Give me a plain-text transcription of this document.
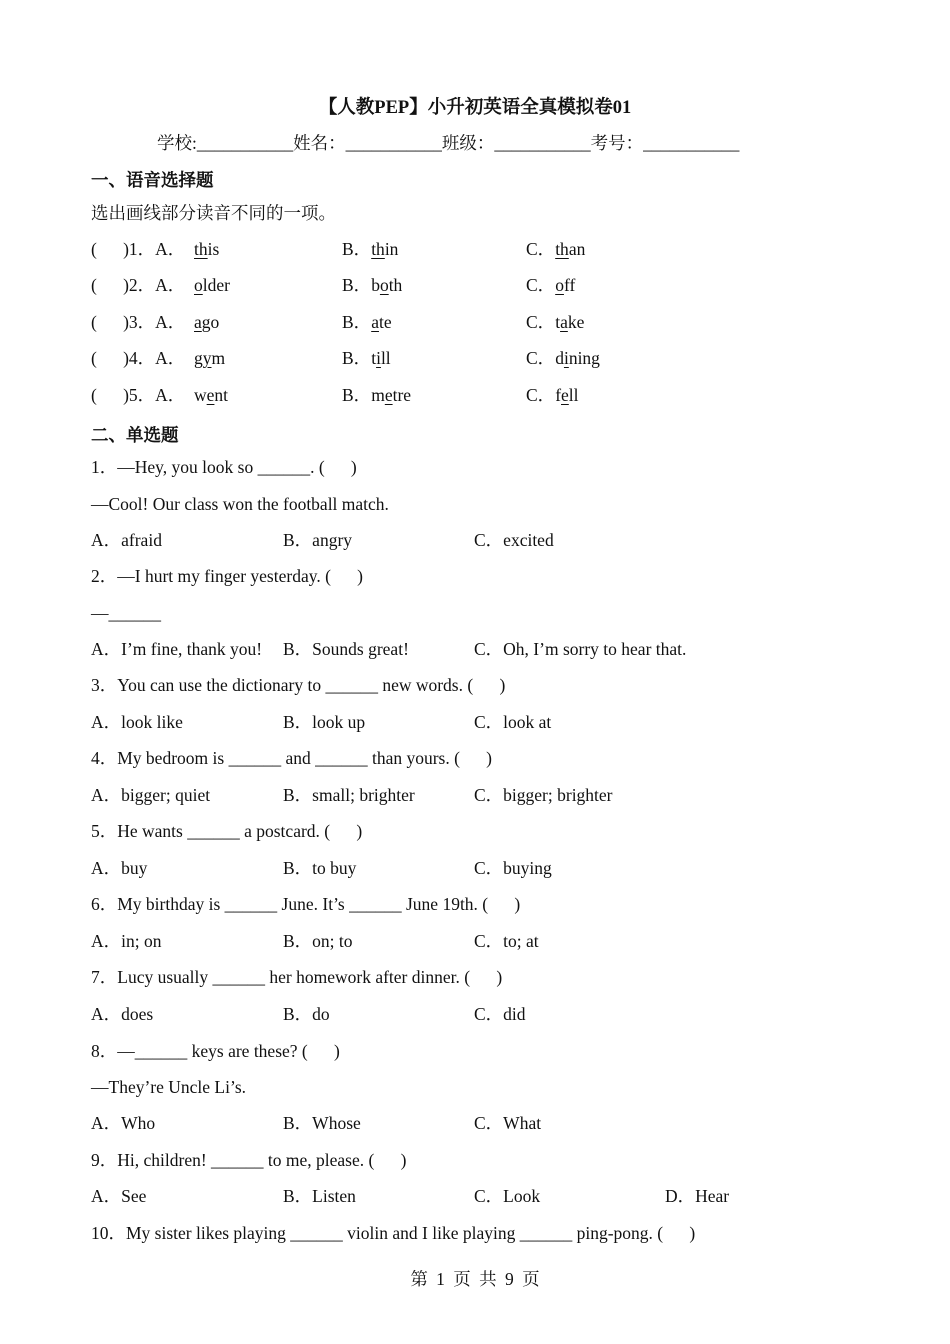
【人教PEP】小升初英语全真模拟卷01
学校:___________姓名：___________班级：___________考号：___________
一、语音选择题
选出画线部分读音不同的一项。
(      )1．A． this	B．thin	C．than
(      )2．A． older	B．both	C．off
(      )3．A． ago	B．ate	C．take
(      )4．A． gym	B．till	C．dining
(      )5．A． went	B．metre	C．fell
二、单选题
1．—Hey, you look so ______. (      )
—Cool! Our class won the football match.
A．afraid	B．angry	C．excited
2．—I hurt my finger yesterday. (      )
—______
A．I’m fine, thank you! B．Sounds great!	C．Oh, I’m sorry to hear that.
3．You can use the dictionary to ______ new words. (      )
A．look like	B．look up	C．look at
4．My bedroom is ______ and ______ than yours. (      )
A．bigger; quiet	B．small; brighter	C．bigger; brighter
5．He wants ______ a postcard. (      )
A．buy	B．to buy	C．buying
6．My birthday is ______ June. It’s ______ June 19th. (      )
A．in; on	B．on; to	C．to; at
7．Lucy usually ______ her homework after dinner. (      )
A．does	B．do	C．did
8．—______ keys are these? (      )
—They’re Uncle Li’s.
A．Who	B．Whose	C．What
9．Hi, children! ______ to me, please. (      )
A．See	B．Listen	C．Look	D．Hear
10．My sister likes playing ______ violin and I like playing ______ ping-pong. (      )
第 1 页 共 9 页
